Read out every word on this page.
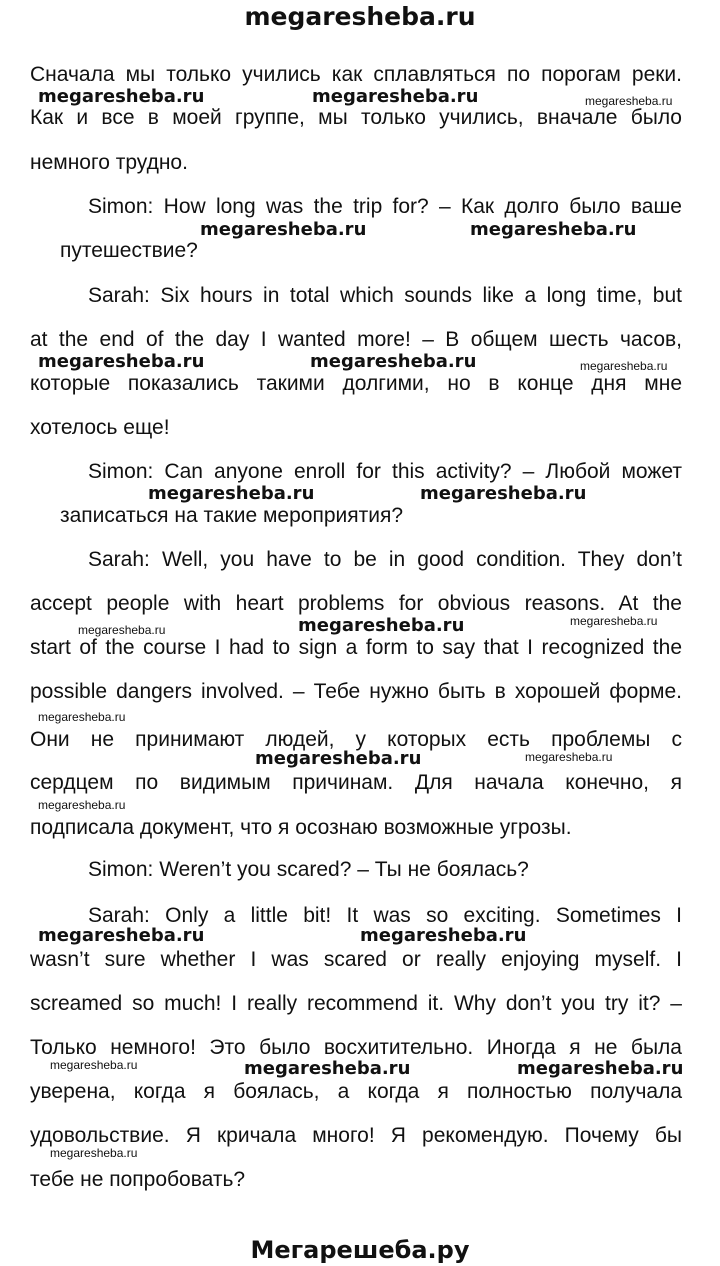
megaresheba.ru
Сначала мы только учились как сплавляться по порогам реки.
Как и все в моей группе, мы только учились, вначале было
немного трудно.
Simon: How long was the trip for? – Как долго было ваше
путешествие?
Sarah: Six hours in total which sounds like a long time, but
at the end of the day I wanted more! – В общем шесть часов,
которые показались такими долгими, но в конце дня мне
хотелось еще!
Simon: Can anyone enroll for this activity? – Любой может
записаться на такие мероприятия?
Sarah: Well, you have to be in good condition. They don’t
accept people with heart problems for obvious reasons. At the
start of the course I had to sign a form to say that I recognized the
possible dangers involved. – Тебе нужно быть в хорошей форме.
Они не принимают людей, у которых есть проблемы с
сердцем по видимым причинам. Для начала конечно, я
подписала документ, что я осознаю возможные угрозы.
Simon: Weren’t you scared? – Ты не боялась?
Sarah: Only a little bit! It was so exciting. Sometimes I
wasn’t sure whether I was scared or really enjoying myself. I
screamed so much! I really recommend it. Why don’t you try it? –
Только немного! Это было восхитительно. Иногда я не была
уверена, когда я боялась, а когда я полностью получала
удовольствие. Я кричала много! Я рекомендую. Почему бы
тебе не попробовать?
megaresheba.ru	megaresheba.ru	megaresheba.ru
megaresheba.ru	megaresheba.ru
megaresheba.ru	megaresheba.ru	megaresheba.ru
megaresheba.ru	megaresheba.ru
megaresheba.ru	megaresheba.ru	megaresheba.ru
megaresheba.ru
megaresheba.ru	megaresheba.ru
megaresheba.ru
megaresheba.ru	megaresheba.ru
megaresheba.ru	megaresheba.ru	megaresheba.ru
megaresheba.ru
Мегарешеба.ру
